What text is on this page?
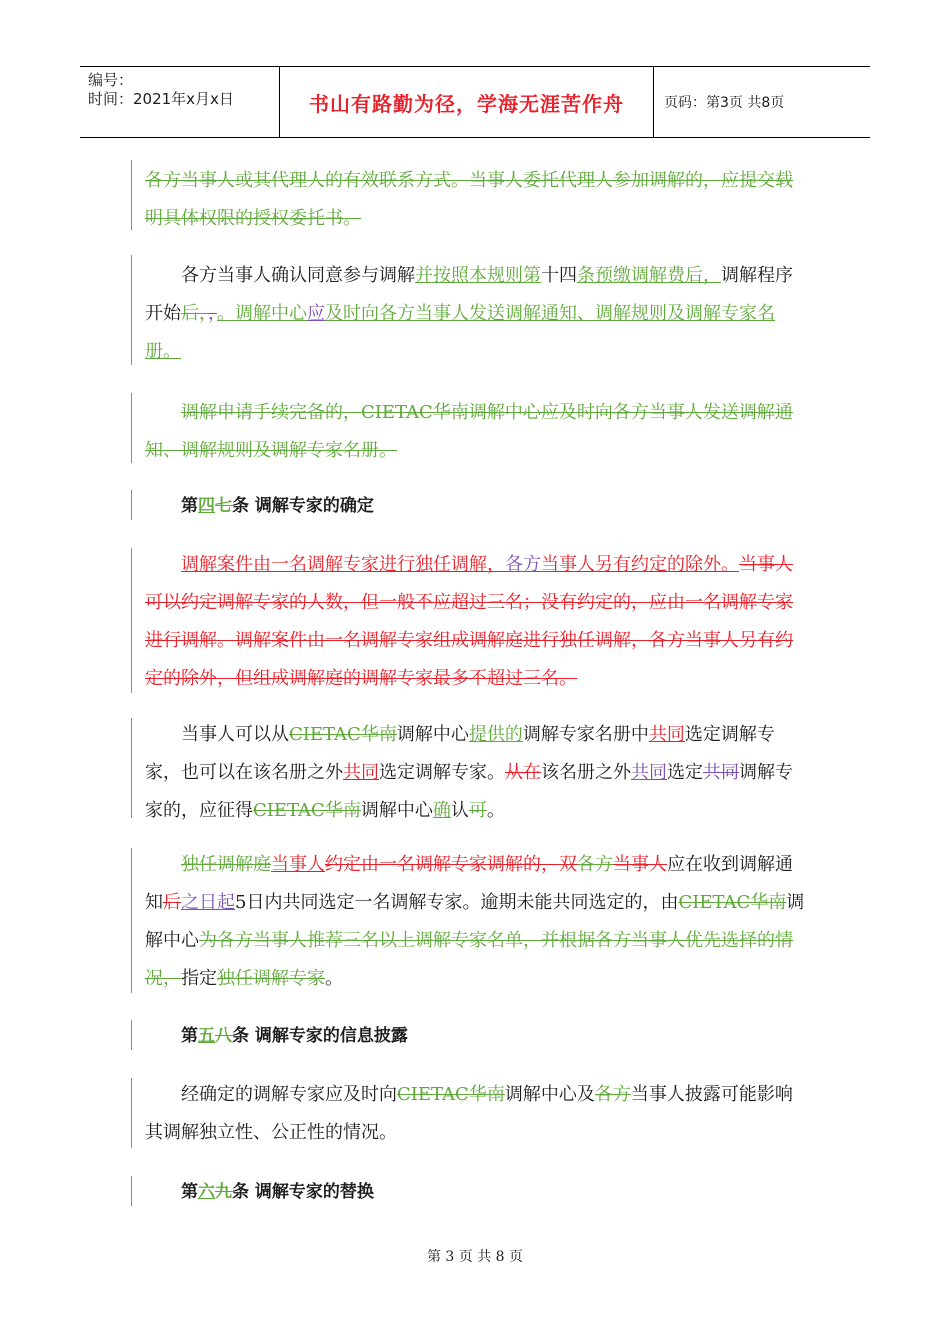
编号：
时间：2021年x月x日	书山有路勤为径，学海无涯苦作舟	页码：第3页 共8页
各方当事人或其代理人的有效联系方式。当事人委托代理人参加调解的，应提交载明具体权限的授权委托书。
各方当事人确认同意参与调解并按照本规则第十四条预缴调解费后，调解程序开始后，，。调解中心应及时向各方当事人发送调解通知、调解规则及调解专家名册。
调解申请手续完备的，CIETAC华南调解中心应及时向各方当事人发送调解通知、调解规则及调解专家名册。
第四七条 调解专家的确定
调解案件由一名调解专家进行独任调解，各方当事人另有约定的除外。当事人可以约定调解专家的人数，但一般不应超过三名；没有约定的，应由一名调解专家进行调解。调解案件由一名调解专家组成调解庭进行独任调解，各方当事人另有约定的除外，但组成调解庭的调解专家最多不超过三名。
当事人可以从CIETAC华南调解中心提供的调解专家名册中共同选定调解专家，也可以在该名册之外共同选定调解专家。从在该名册之外共同选定共同调解专家的，应征得CIETAC华南调解中心确认可。
独任调解庭当事人约定由一名调解专家调解的，双各方当事人应在收到调解通知后之日起5日内共同选定一名调解专家。逾期未能共同选定的，由CIETAC华南调解中心为各方当事人推荐三名以上调解专家名单，并根据各方当事人优先选择的情况，指定独任调解专家。
第五八条 调解专家的信息披露
经确定的调解专家应及时向CIETAC华南调解中心及各方当事人披露可能影响其调解独立性、公正性的情况。
第六九条 调解专家的替换
第 3 页 共 8 页
